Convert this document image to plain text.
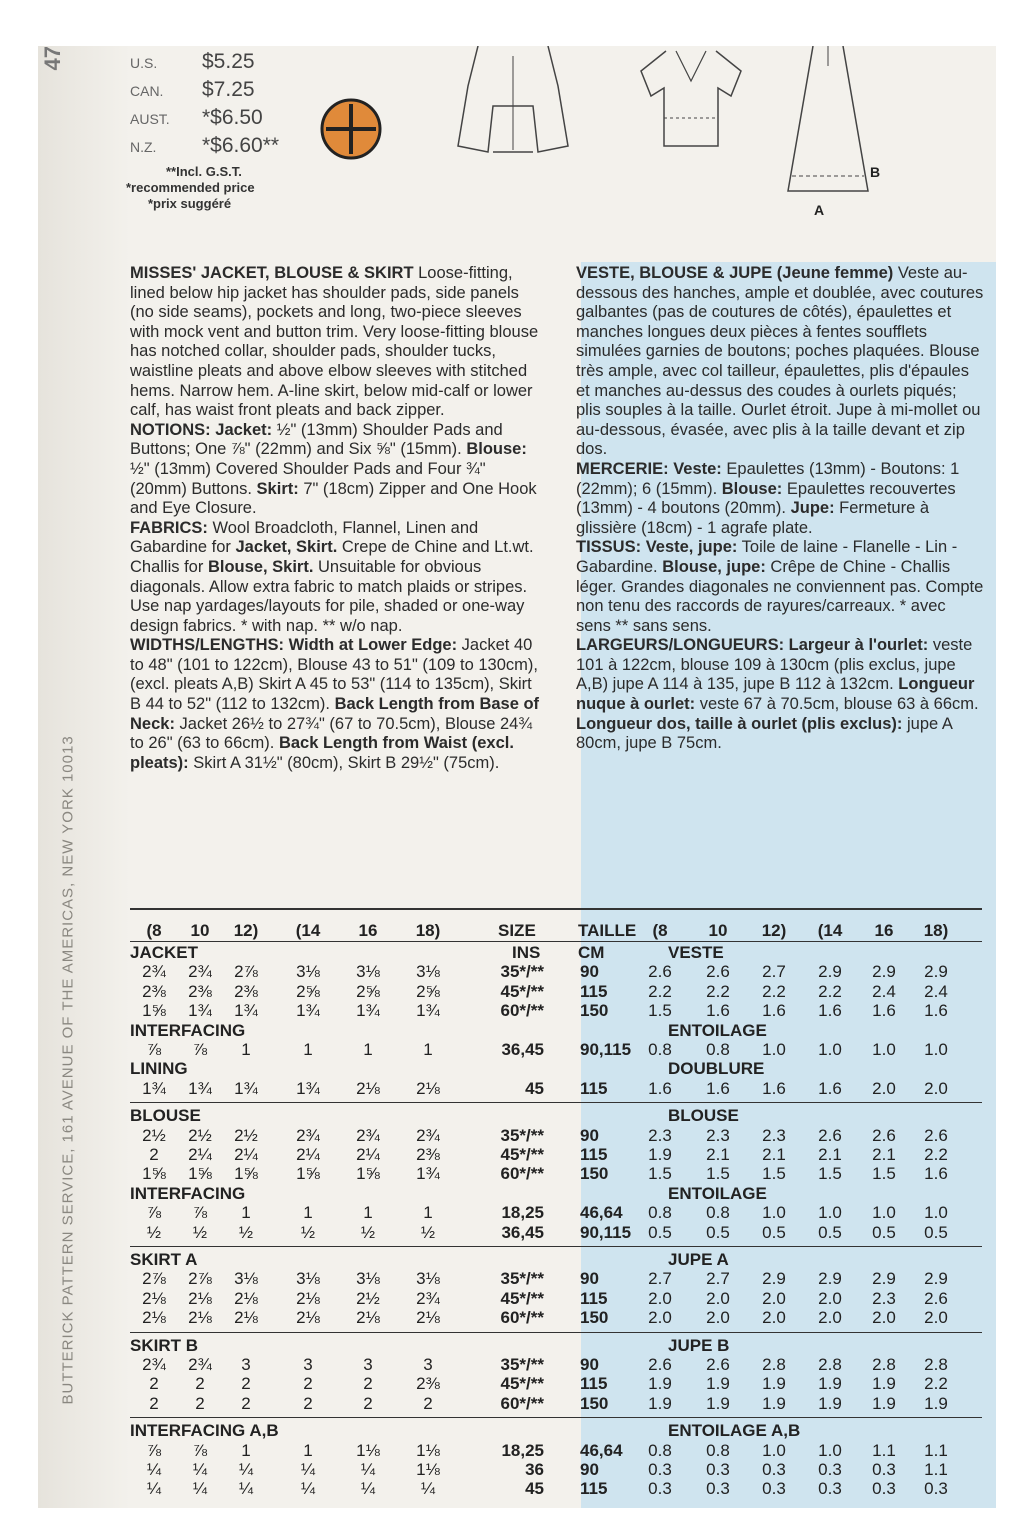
47
BUTTERICK PATTERN SERVICE, 161 AVENUE OF THE AMERICAS, NEW YORK 10013
U.S. $5.25
CAN. $7.25
AUST. *$6.50
N.Z. *$6.60**
**Incl. G.S.T.
*recommended price
*prix suggéré	A
B

MISSES' JACKET, BLOUSE & SKIRT Loose-fitting, lined below hip jacket has shoulder pads, side panels (no side seams), pockets and long, two-piece sleeves with mock vent and button trim. Very loose-fitting blouse has notched collar, shoulder pads, shoulder tucks, waistline pleats and above elbow sleeves with stitched hems. Narrow hem. A-line skirt, below mid-calf or lower calf, has waist front pleats and back zipper.

NOTIONS: Jacket: ½" (13mm) Shoulder Pads and Buttons; One ⅞" (22mm) and Six ⅝" (15mm). Blouse: ½" (13mm) Covered Shoulder Pads and Four ¾" (20mm) Buttons. Skirt: 7" (18cm) Zipper and One Hook and Eye Closure.

FABRICS: Wool Broadcloth, Flannel, Linen and Gabardine for Jacket, Skirt. Crepe de Chine and Lt.wt. Challis for Blouse, Skirt. Unsuitable for obvious diagonals. Allow extra fabric to match plaids or stripes. Use nap yardages/layouts for pile, shaded or one-way design fabrics. * with nap. ** w/o nap.

WIDTHS/LENGTHS: Width at Lower Edge: Jacket 40 to 48" (101 to 122cm), Blouse 43 to 51" (109 to 130cm), (excl. pleats A,B) Skirt A 45 to 53" (114 to 135cm), Skirt B 44 to 52" (112 to 132cm). Back Length from Base of Neck: Jacket 26½ to 27¾" (67 to 70.5cm), Blouse 24¾ to 26" (63 to 66cm). Back Length from Waist (excl. pleats): Skirt A 31½" (80cm), Skirt B 29½" (75cm).

VESTE, BLOUSE & JUPE (Jeune femme) Veste au-dessous des hanches, ample et doublée, avec coutures galbantes (pas de coutures de côtés), épaulettes et manches longues deux pièces à fentes soufflets simulées garnies de boutons; poches plaquées. Blouse très ample, avec col tailleur, épaulettes, plis d'épaules et manches au-dessus des coudes à ourlets piqués; plis souples à la taille. Ourlet étroit. Jupe à mi-mollet ou au-dessous, évasée, avec plis à la taille devant et zip dos.

MERCERIE: Veste: Epaulettes (13mm) - Boutons: 1 (22mm); 6 (15mm). Blouse: Epaulettes recouvertes (13mm) - 4 boutons (20mm). Jupe: Fermeture à glissière (18cm) - 1 agrafe plate.

TISSUS: Veste, jupe: Toile de laine - Flanelle - Lin - Gabardine. Blouse, jupe: Crêpe de Chine - Challis léger. Grandes diagonales ne conviennent pas. Compte non tenu des raccords de rayures/carreaux. * avec sens ** sans sens.

LARGEURS/LONGUEURS: Largeur à l'ourlet: veste 101 à 122cm, blouse 109 à 130cm (plis exclus, jupe A,B) jupe A 114 à 135, jupe B 112 à 132cm. Longueur nuque à ourlet: veste 67 à 70.5cm, blouse 63 à 66cm. Longueur dos, taille à ourlet (plis exclus): jupe A 80cm, jupe B 75cm.

(8	10	12)	(14	16	18)	SIZE TAILLE (8	10	12)	(14	16	18)
JACKET	INS CM	VESTE
2¾	2¾	2⅞	3⅛	3⅛	3⅛	35*/** 90	2.6	2.6	2.7	2.9	2.9	2.9
2⅜	2⅜	2⅜	2⅝	2⅝	2⅝	45*/** 115	2.2	2.2	2.2	2.2	2.4	2.4
1⅝	1¾	1¾	1¾	1¾	1¾	60*/** 150	1.5	1.6	1.6	1.6	1.6	1.6
INTERFACING	ENTOILAGE
⅞	⅞	1	1	1	1	36,45 90,115	0.8	0.8	1.0	1.0	1.0	1.0
LINING	DOUBLURE
1¾	1¾	1¾	1¾	2⅛	2⅛	45 115	1.6	1.6	1.6	1.6	2.0	2.0
BLOUSE	BLOUSE
2½	2½	2½	2¾	2¾	2¾	35*/** 90	2.3	2.3	2.3	2.6	2.6	2.6
2	2¼	2¼	2¼	2¼	2⅜	45*/** 115	1.9	2.1	2.1	2.1	2.1	2.2
1⅝	1⅝	1⅝	1⅝	1⅝	1¾	60*/** 150	1.5	1.5	1.5	1.5	1.5	1.6
INTERFACING	ENTOILAGE
⅞	⅞	1	1	1	1	18,25 46,64	0.8	0.8	1.0	1.0	1.0	1.0
½	½	½	½	½	½	36,45 90,115	0.5	0.5	0.5	0.5	0.5	0.5
SKIRT A	JUPE A
2⅞	2⅞	3⅛	3⅛	3⅛	3⅛	35*/** 90	2.7	2.7	2.9	2.9	2.9	2.9
2⅛	2⅛	2⅛	2⅛	2½	2¾	45*/** 115	2.0	2.0	2.0	2.0	2.3	2.6
2⅛	2⅛	2⅛	2⅛	2⅛	2⅛	60*/** 150	2.0	2.0	2.0	2.0	2.0	2.0
SKIRT B	JUPE B
2¾	2¾	3	3	3	3	35*/** 90	2.6	2.6	2.8	2.8	2.8	2.8
2	2	2	2	2	2⅜	45*/** 115	1.9	1.9	1.9	1.9	1.9	2.2
2	2	2	2	2	2	60*/** 150	1.9	1.9	1.9	1.9	1.9	1.9
INTERFACING A,B	ENTOILAGE A,B
⅞	⅞	1	1	1⅛	1⅛	18,25 46,64	0.8	0.8	1.0	1.0	1.1	1.1
¼	¼	¼	¼	¼	1⅛	36 90	0.3	0.3	0.3	0.3	0.3	1.1
¼	¼	¼	¼	¼	¼	45 115	0.3	0.3	0.3	0.3	0.3	0.3
